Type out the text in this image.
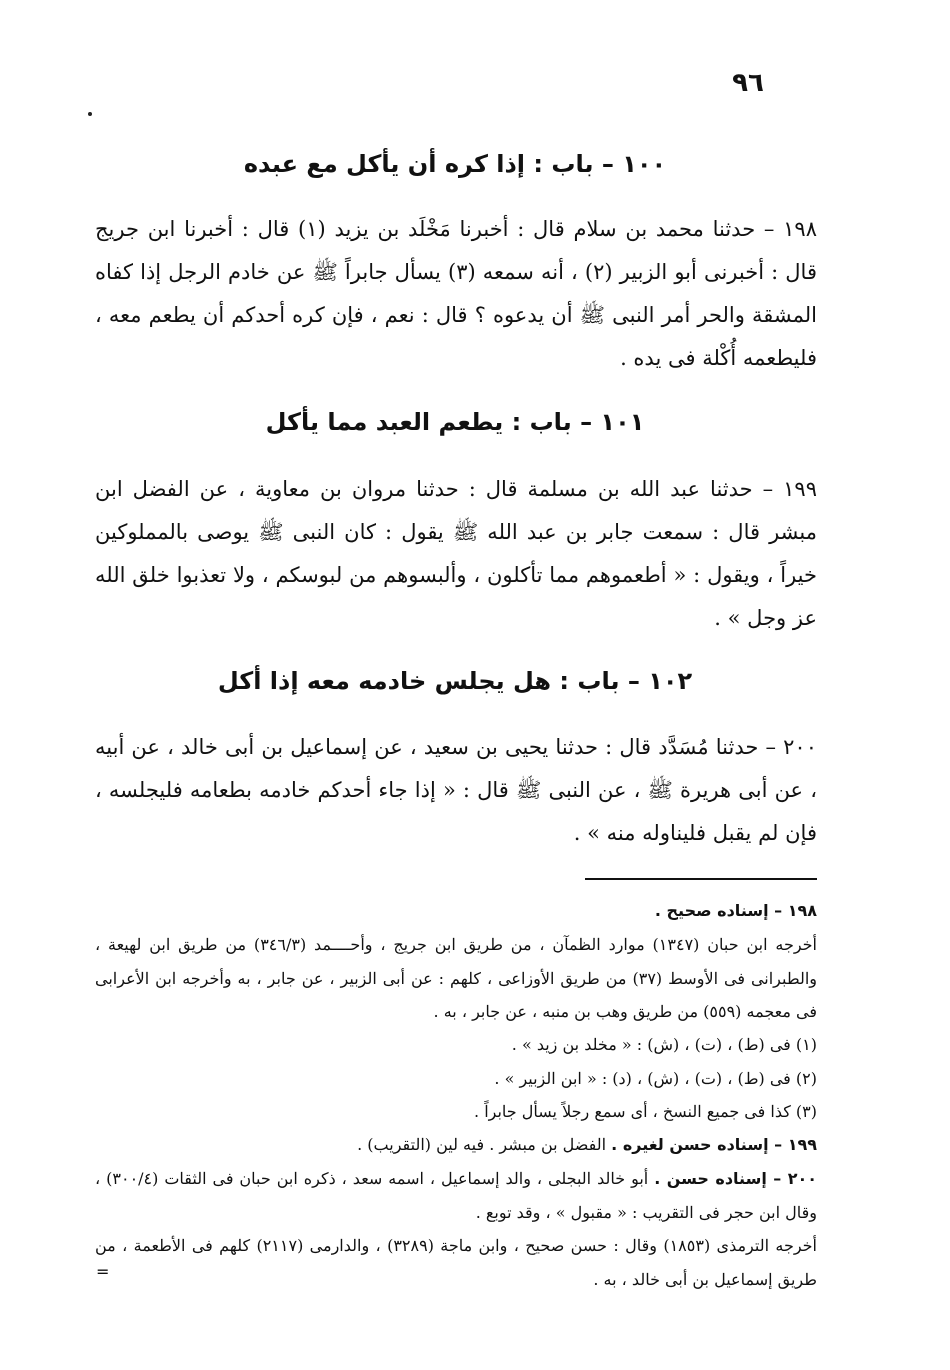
٩٦
١٠٠ – باب : إذا كره أن يأكل مع عبده
١٩٨ – حدثنا محمد بن سلام قال : أخبرنا مَخْلَد بن يزيد (١) قال : أخبرنا ابن جريج قال : أخبرنى أبو الزبير (٢) ، أنه سمعه (٣) يسأل جابراً ﷺ عن خادم الرجل إذا كفاه المشقة والحر أمر النبى ﷺ أن يدعوه ؟ قال : نعم ، فإن كره أحدكم أن يطعم معه ، فليطعمه أُكْلة فى يده .
١٠١ – باب : يطعم العبد مما يأكل
١٩٩ – حدثنا عبد الله بن مسلمة قال : حدثنا مروان بن معاوية ، عن الفضل ابن مبشر قال : سمعت جابر بن عبد الله ﷺ يقول : كان النبى ﷺ يوصى بالمملوكين خيراً ، ويقول : « أطعموهم مما تأكلون ، وألبسوهم من لبوسكم ، ولا تعذبوا خلق الله عز وجل » .
١٠٢ – باب : هل يجلس خادمه معه إذا أكل
٢٠٠ – حدثنا مُسَدَّد قال : حدثنا يحيى بن سعيد ، عن إسماعيل بن أبى خالد ، عن أبيه ، عن أبى هريرة ﷺ ، عن النبى ﷺ قال : « إذا جاء أحدكم خادمه بطعامه فليجلسه ، فإن لم يقبل فليناوله منه » .
١٩٨ – إسناده صحيح .
أخرجه ابن حبان (١٣٤٧) موارد الظمآن ، من طريق ابن جريج ، وأحــــمد (٣٤٦/٣) من طريق ابن لهيعة ، والطبرانى فى الأوسط (٣٧) من طريق الأوزاعى ، كلهم : عن أبى الزبير ، عن جابر ، به وأخرجه ابن الأعرابى فى معجمه (٥٥٩) من طريق وهب بن منبه ، عن جابر ، به .
(١) فى (ط) ، (ت) ، (ش) : « مخلد بن زيد » .
(٢) فى (ط) ، (ت) ، (ش) ، (د) : « ابن الزبير » .
(٣) كذا فى جميع النسخ ، أى سمع رجلاً يسأل جابراً .
١٩٩ – إسناده حسن لغيره . الفضل بن مبشر . فيه لين (التقريب) .
٢٠٠ – إسناده حسن . أبو خالد البجلى ، والد إسماعيل ، اسمه سعد ، ذكره ابن حبان فى الثقات (٣٠٠/٤) ، وقال ابن حجر فى التقريب : « مقبول » ، وقد توبع .
أخرجه الترمذى (١٨٥٣) وقال : حسن صحيح ، وابن ماجة (٣٢٨٩) ، والدارمى (٢١١٧) كلهم فى الأطعمة ، من طريق إسماعيل بن أبى خالد ، به .
=
